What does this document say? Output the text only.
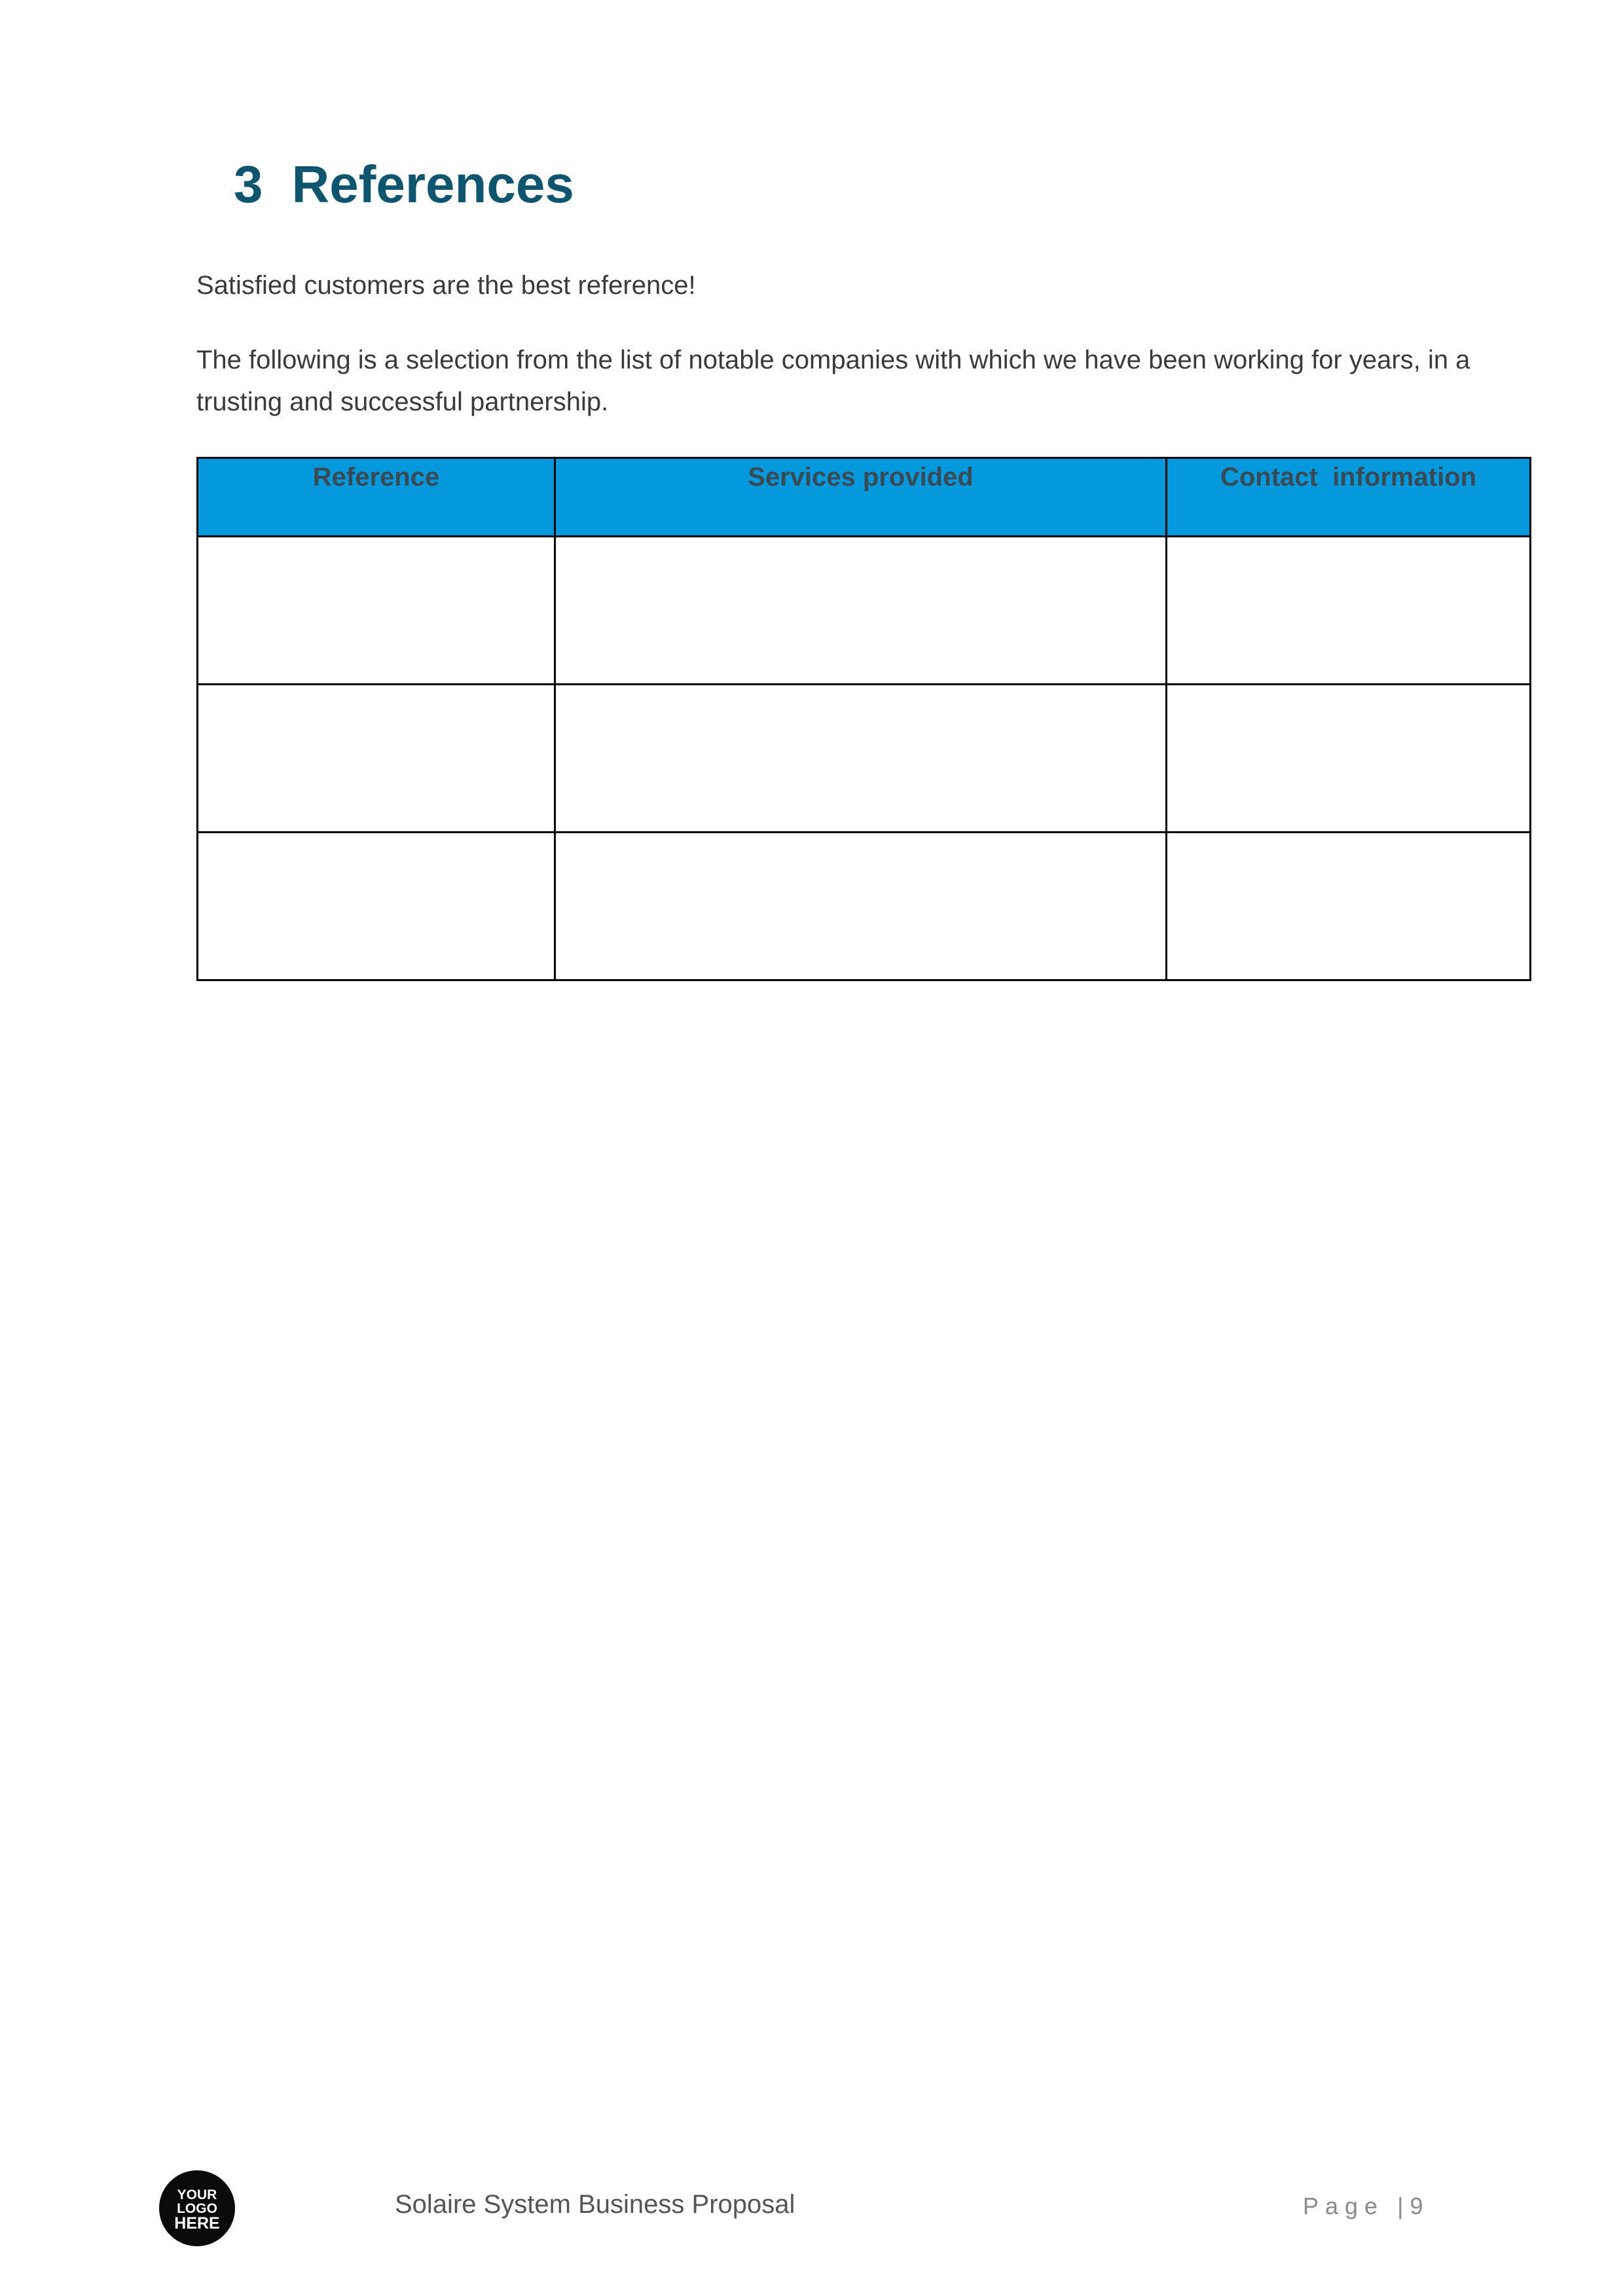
3 References

Satisfied customers are the best reference!

The following is a selection from the list of notable companies with which we have been working for years, in a trusting and successful partnership.

Reference	Services provided	Contact  information

YOUR
LOGO
HERE
Solaire System Business Proposal	Page |9
